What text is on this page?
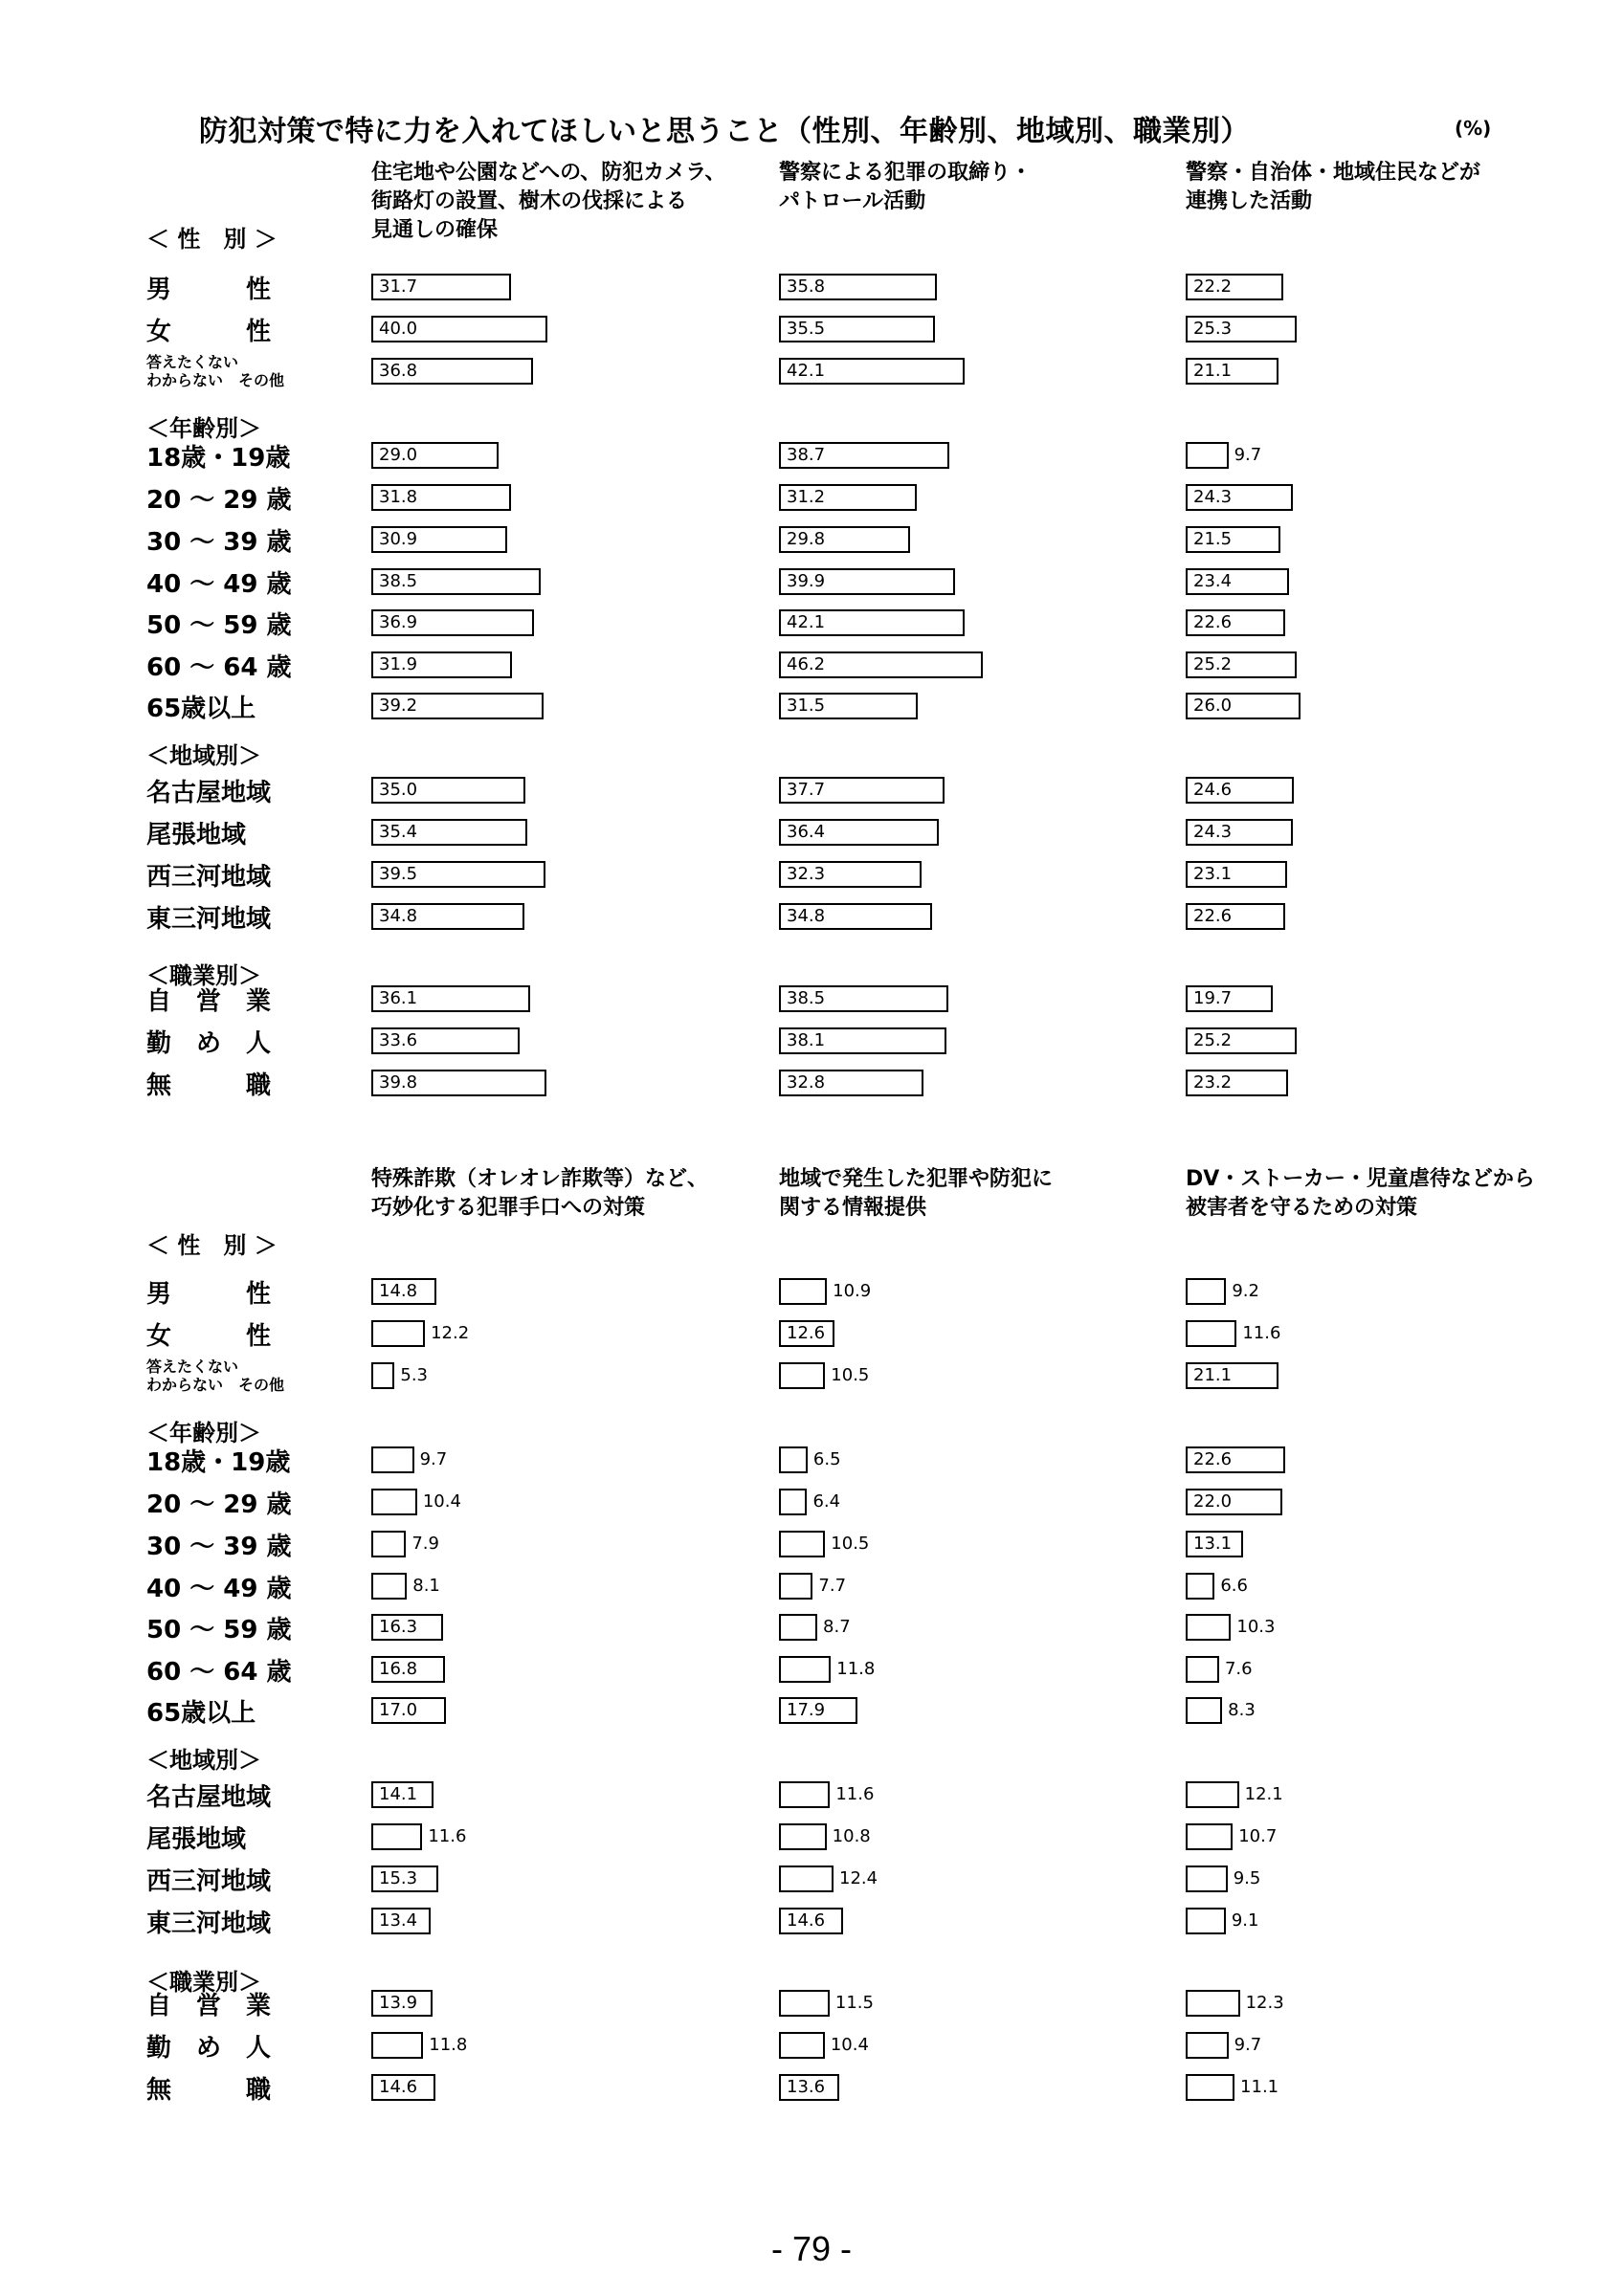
防犯対策で特に力を入れてほしいと思うこと（性別、年齢別、地域別、職業別）	(%)
＜ 性　別 ＞
＜年齢別＞
＜地域別＞
＜職業別＞
男　　　性
女　　　性
答えたくない
わからない　その他
18歳・19歳
20 〜 29 歳
30 〜 39 歳
40 〜 49 歳
50 〜 59 歳
60 〜 64 歳
65歳以上
名古屋地域
尾張地域
西三河地域
東三河地域
自　営　業
勤　め　人
無　　　職
住宅地や公園などへの、防犯カメラ、
街路灯の設置、樹木の伐採による
見通しの確保
31.7
40.0
36.8
29.0
31.8
30.9
38.5
36.9
31.9
39.2
35.0
35.4
39.5
34.8
36.1
33.6
39.8
警察による犯罪の取締り・
パトロール活動
35.8
35.5
42.1
38.7
31.2
29.8
39.9
42.1
46.2
31.5
37.7
36.4
32.3
34.8
38.5
38.1
32.8
警察・自治体・地域住民などが
連携した活動
22.2
25.3
21.1
9.7
24.3
21.5
23.4
22.6
25.2
26.0
24.6
24.3
23.1
22.6
19.7
25.2
23.2
＜ 性　別 ＞
＜年齢別＞
＜地域別＞
＜職業別＞
男　　　性
女　　　性
答えたくない
わからない　その他
18歳・19歳
20 〜 29 歳
30 〜 39 歳
40 〜 49 歳
50 〜 59 歳
60 〜 64 歳
65歳以上
名古屋地域
尾張地域
西三河地域
東三河地域
自　営　業
勤　め　人
無　　　職
特殊詐欺（オレオレ詐欺等）など、
巧妙化する犯罪手口への対策
14.8
12.2
5.3
9.7
10.4
7.9
8.1
16.3
16.8
17.0
14.1
11.6
15.3
13.4
13.9
11.8
14.6
地域で発生した犯罪や防犯に
関する情報提供
10.9
12.6
10.5
6.5
6.4
10.5
7.7
8.7
11.8
17.9
11.6
10.8
12.4
14.6
11.5
10.4
13.6
DV・ストーカー・児童虐待などから
被害者を守るための対策
9.2
11.6
21.1
22.6
22.0
13.1
6.6
10.3
7.6
8.3
12.1
10.7
9.5
9.1
12.3
9.7
11.1
- 79 -
